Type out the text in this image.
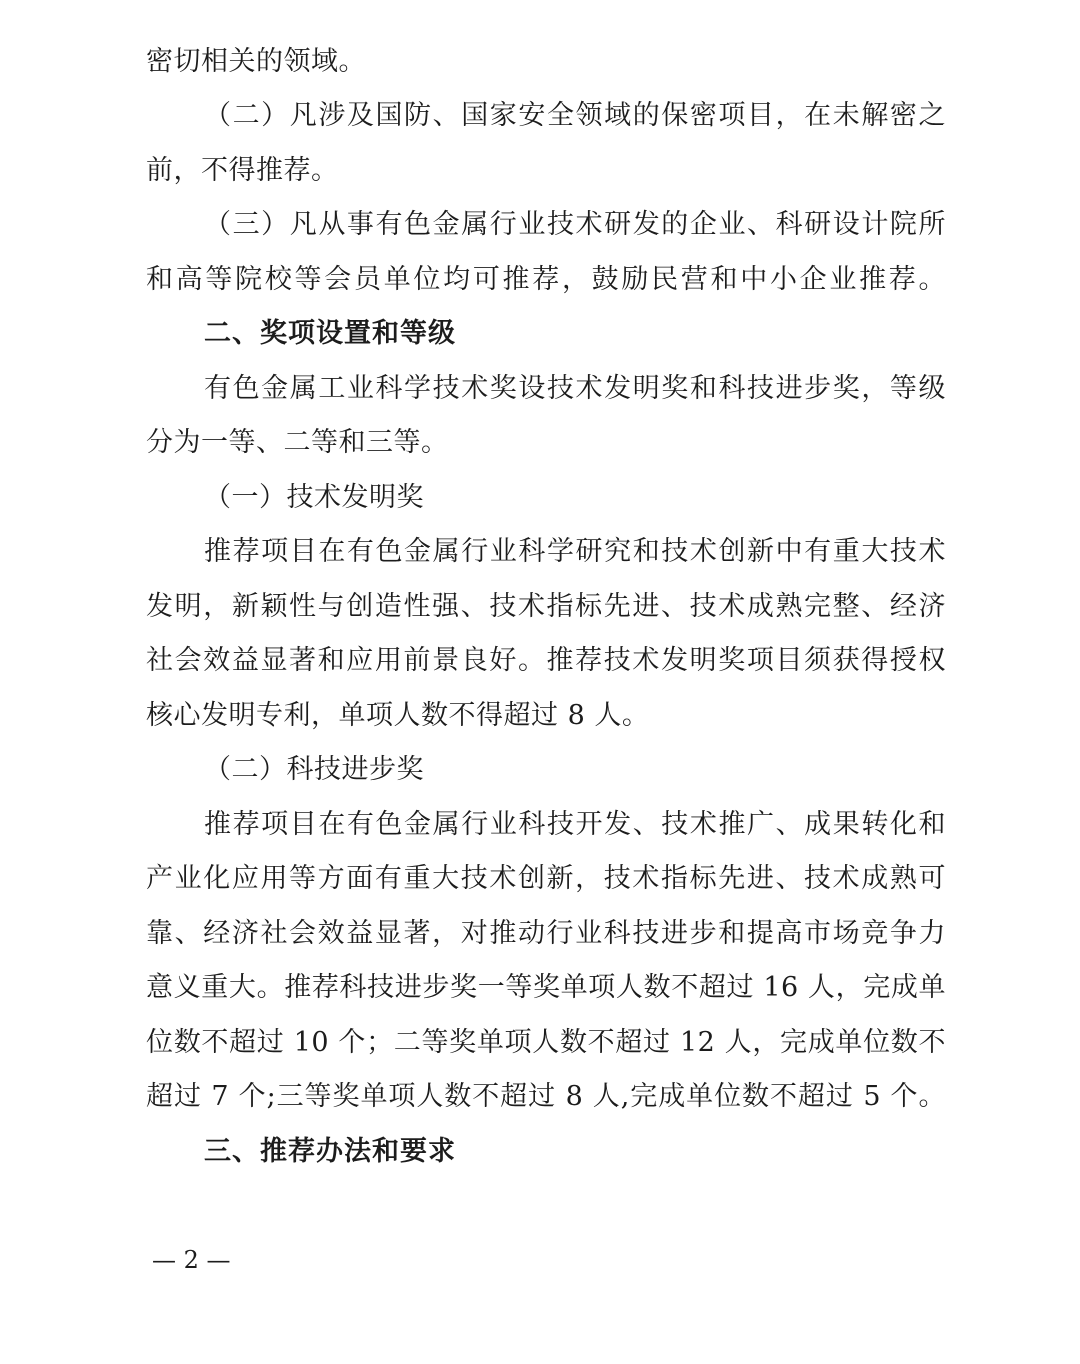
密切相关的领域。
（二）凡涉及国防、国家安全领域的保密项目，在未解密之
前，不得推荐。
（三）凡从事有色金属行业技术研发的企业、科研设计院所
和高等院校等会员单位均可推荐，鼓励民营和中小企业推荐。
二、奖项设置和等级
有色金属工业科学技术奖设技术发明奖和科技进步奖，等级
分为一等、二等和三等。
（一）技术发明奖
推荐项目在有色金属行业科学研究和技术创新中有重大技术
发明，新颖性与创造性强、技术指标先进、技术成熟完整、经济
社会效益显著和应用前景良好。推荐技术发明奖项目须获得授权
核心发明专利，单项人数不得超过 8 人。
（二）科技进步奖
推荐项目在有色金属行业科技开发、技术推广、成果转化和
产业化应用等方面有重大技术创新，技术指标先进、技术成熟可
靠、经济社会效益显著，对推动行业科技进步和提高市场竞争力
意义重大。推荐科技进步奖一等奖单项人数不超过 16 人，完成单
位数不超过 10 个；二等奖单项人数不超过 12 人，完成单位数不
超过 7 个;三等奖单项人数不超过 8 人,完成单位数不超过 5 个。
三、推荐办法和要求
— 2 —
